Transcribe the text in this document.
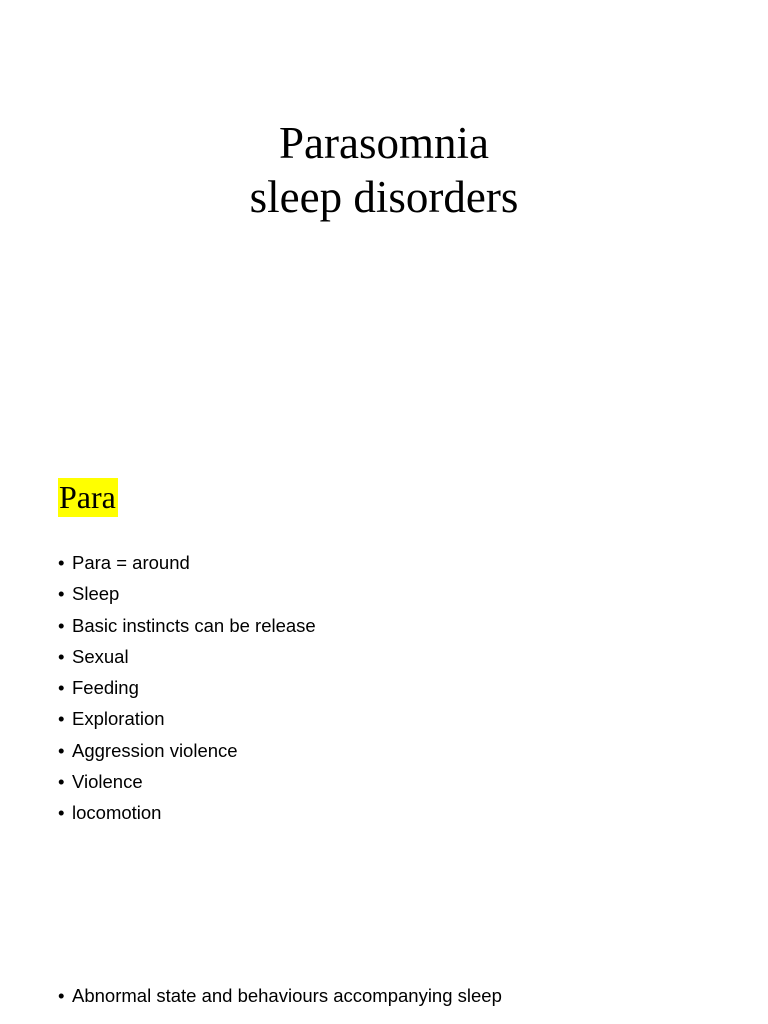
Parasomnia
sleep disorders
Para
• Para = around
• Sleep
• Basic instincts can be release
• Sexual
• Feeding
• Exploration
• Aggression violence
• Violence
• locomotion
• Abnormal state and behaviours accompanying sleep
